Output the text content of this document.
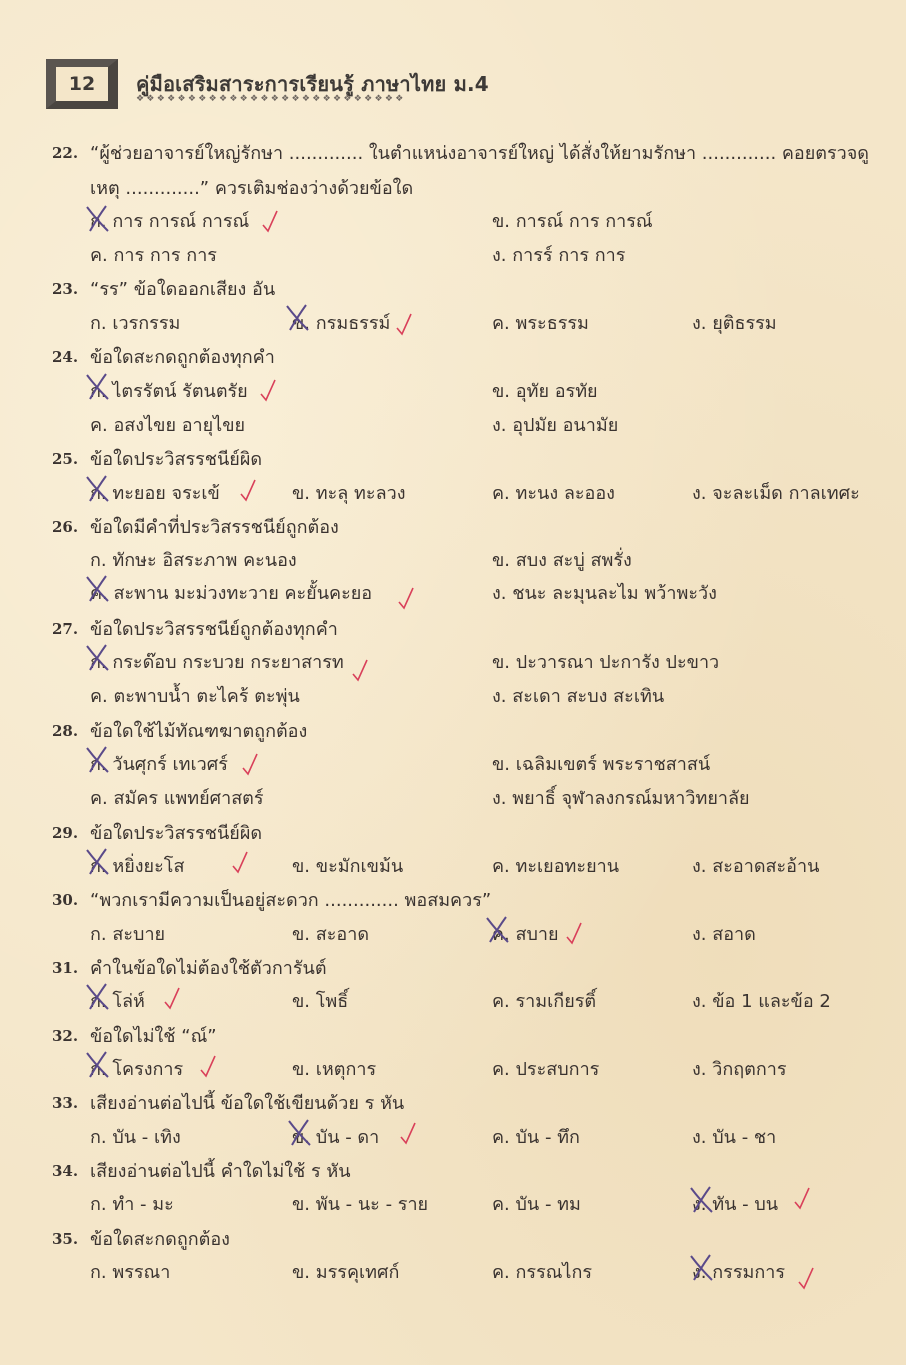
12 คู่มือเสริมสาระการเรียนรู้ ภาษาไทย ม.4
❖❖❖❖❖❖❖❖❖❖❖❖❖❖❖❖❖❖❖❖❖❖❖❖❖❖
22. “ผู้ช่วยอาจารย์ใหญ่รักษา ............. ในตำแหน่งอาจารย์ใหญ่ ได้สั่งให้ยามรักษา ............. คอยตรวจดู
เหตุ .............” ควรเติมช่องว่างด้วยข้อใด
ก. การ การณ์ การณ์	ข. การณ์ การ การณ์
ค. การ การ การ	ง. การร์ การ การ
23. “รร” ข้อใดออกเสียง อัน
ก. เวรกรรม	ข. กรมธรรม์	ค. พระธรรม	ง. ยุติธรรม
24. ข้อใดสะกดถูกต้องทุกคำ
ก. ไตรรัตน์ รัตนตรัย	ข. อุทัย อรทัย
ค. อสงไขย อายุไขย	ง. อุปมัย อนามัย
25. ข้อใดประวิสรรชนีย์ผิด
ก. ทะยอย จระเข้	ข. ทะลุ ทะลวง	ค. ทะนง ละออง	ง. จะละเม็ด กาลเทศะ
26. ข้อใดมีคำที่ประวิสรรชนีย์ถูกต้อง
ก. ทักษะ อิสระภาพ คะนอง	ข. สบง สะบู่ สพรั่ง
ค. สะพาน มะม่วงทะวาย คะยั้นคะยอ	ง. ชนะ ละมุนละไม พว้าพะวัง
27. ข้อใดประวิสรรชนีย์ถูกต้องทุกคำ
ก. กระด๊อบ กระบวย กระยาสารท	ข. ปะวารณา ปะการัง ปะขาว
ค. ตะพาบน้ำ ตะไคร้ ตะพุ่น	ง. สะเดา สะบง สะเทิน
28. ข้อใดใช้ไม้ทัณฑฆาตถูกต้อง
ก. วันศุกร์ เทเวศร์	ข. เฉลิมเขตร์ พระราชสาสน์
ค. สมัคร แพทย์ศาสตร์	ง. พยาธิ์ จุฬาลงกรณ์มหาวิทยาลัย
29. ข้อใดประวิสรรชนีย์ผิด
ก. หยิ่งยะโส	ข. ขะมักเขม้น	ค. ทะเยอทะยาน	ง. สะอาดสะอ้าน
30. “พวกเรามีความเป็นอยู่สะดวก ............. พอสมควร”
ก. สะบาย	ข. สะอาด	ค. สบาย	ง. สอาด
31. คำในข้อใดไม่ต้องใช้ตัวการันต์
ก. โล่ห์	ข. โพธิ์	ค. รามเกียรติ์	ง. ข้อ 1 และข้อ 2
32. ข้อใดไม่ใช้ “ณ์”
ก. โครงการ	ข. เหตุการ	ค. ประสบการ	ง. วิกฤตการ
33. เสียงอ่านต่อไปนี้ ข้อใดใช้เขียนด้วย ร หัน
ก. บัน - เทิง	ข. บัน - ดา	ค. บัน - ทึก	ง. บัน - ชา
34. เสียงอ่านต่อไปนี้ คำใดไม่ใช้ ร หัน
ก. ทำ - มะ	ข. พัน - นะ - ราย	ค. บัน - ทม	ง. ทัน - บน
35. ข้อใดสะกดถูกต้อง
ก. พรรณา	ข. มรรคุเทศก์	ค. กรรณไกร	ง. กรรมการ
